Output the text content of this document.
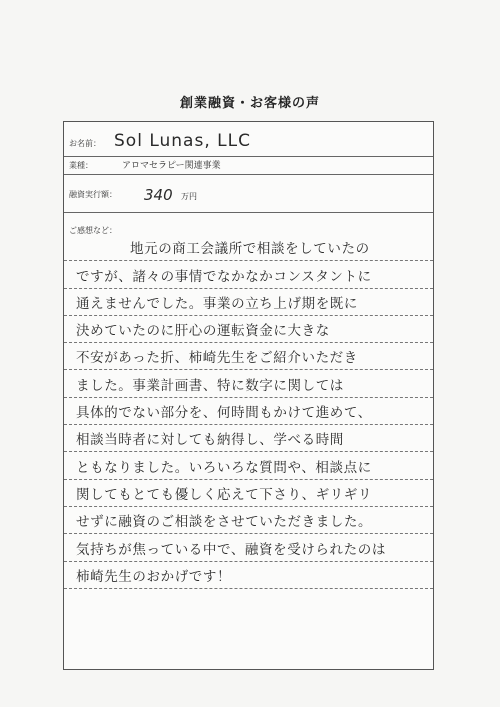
創業融資・お客様の声
お名前： Sol Lunas, LLC
業種：	アロマセラピー関連事業
融資実行額： 340 万円
ご感想など：
地元の商工会議所で相談をしていたの
ですが、諸々の事情でなかなかコンスタントに
通えませんでした。事業の立ち上げ期を既に
決めていたのに肝心の運転資金に大きな
不安があった折、柿崎先生をご紹介いただき
ました。事業計画書、特に数字に関しては
具体的でない部分を、何時間もかけて進めて、
相談当時者に対しても納得し、学べる時間
ともなりました。いろいろな質問や、相談点に
関してもとても優しく応えて下さり、ギリギリ
せずに融資のご相談をさせていただきました。
気持ちが焦っている中で、融資を受けられたのは
柿崎先生のおかげです！
